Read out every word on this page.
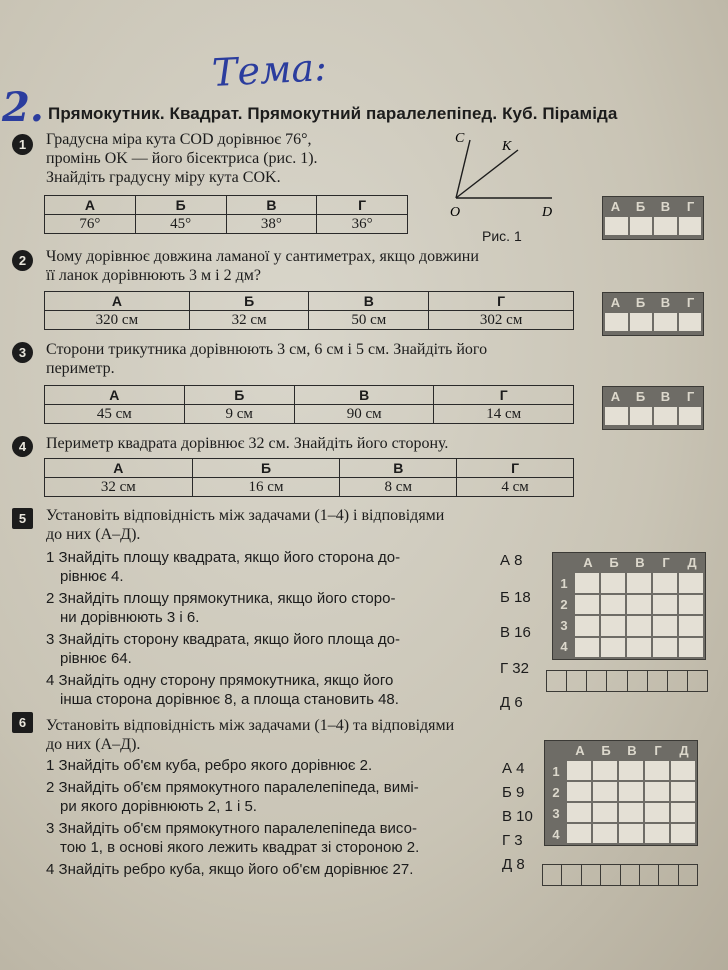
Тема:
2. Прямокутник. Квадрат. Прямокутний паралелепіпед. Куб. Піраміда
1	Градусна міра кута COD дорівнює 76°,
промінь OK — його бісектриса (рис. 1).
Знайдіть градусну міру кута COK.
А	Б	В	Г
76°	45°	38°	36°
C
K
O	D
Рис. 1
А	Б	В	Г
2	Чому дорівнює довжина ламаної у сантиметрах, якщо довжини
її ланок дорівнюють 3 м і 2 дм?
А	Б	В	Г
320 см	32 см	50 см	302 см
А	Б	В	Г
3	Сторони трикутника дорівнюють 3 см, 6 см і 5 см. Знайдіть його
периметр.
А	Б	В	Г
45 см	9 см	90 см	14 см
А	Б	В	Г
4	Периметр квадрата дорівнює 32 см. Знайдіть його сторону.
А	Б	В	Г
32 см	16 см	8 см	4 см
5	Установіть відповідність між задачами (1–4) і відповідями
до них (А–Д).
1 Знайдіть площу квадрата, якщо його сторона до-
рівнює 4.
2 Знайдіть площу прямокутника, якщо його сторо-
ни дорівнюють 3 і 6.
3 Знайдіть сторону квадрата, якщо його площа до-
рівнює 64.
4 Знайдіть одну сторону прямокутника, якщо його
інша сторона дорівнює 8, а площа становить 48.
А 8
Б 18
В 16
Г 32
Д 6
А	Б	В	Г	Д
1
2
3
4
6	Установіть відповідність між задачами (1–4) та відповідями
до них (А–Д).
1 Знайдіть об'єм куба, ребро якого дорівнює 2.
2 Знайдіть об'єм прямокутного паралелепіпеда, вимі-
ри якого дорівнюють 2, 1 і 5.
3 Знайдіть об'єм прямокутного паралелепіпеда висо-
тою 1, в основі якого лежить квадрат зі стороною 2.
4 Знайдіть ребро куба, якщо його об'єм дорівнює 27.
А 4
Б 9
В 10
Г 3
Д 8
А	Б	В	Г	Д
1
2
3
4
